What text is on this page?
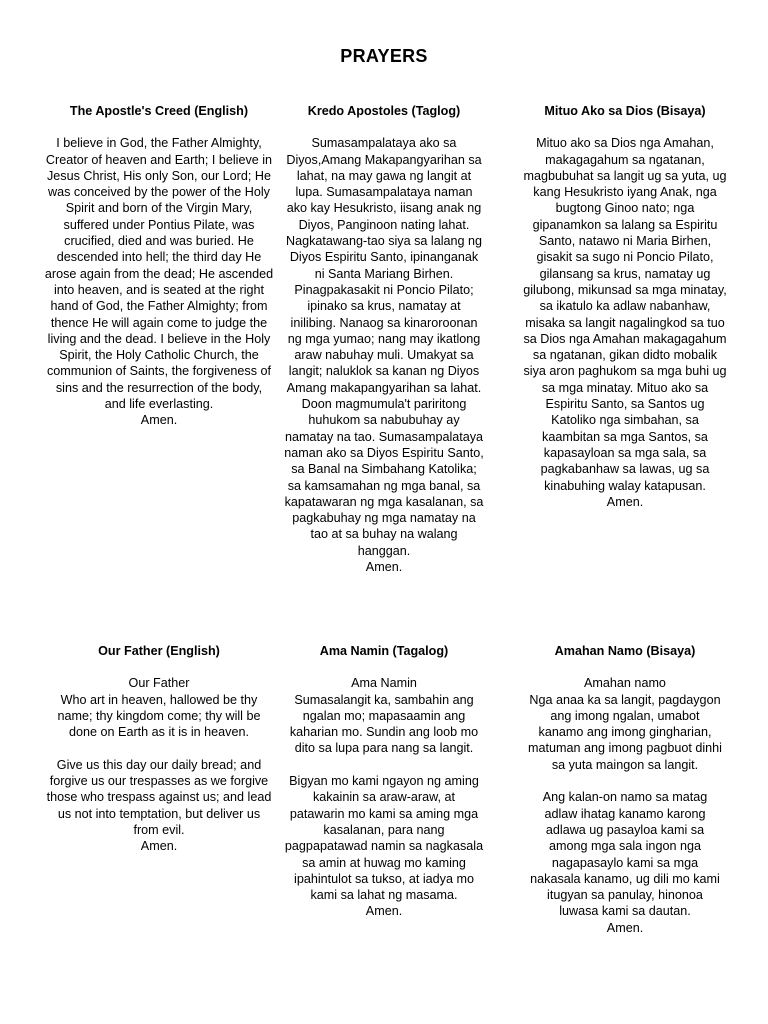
PRAYERS
The Apostle's Creed (English)

I believe in God, the Father Almighty, Creator of heaven and Earth; I believe in Jesus Christ, His only Son, our Lord; He was conceived by the power of the Holy Spirit and born of the Virgin Mary, suffered under Pontius Pilate, was crucified, died and was buried. He descended into hell; the third day He arose again from the dead; He ascended into heaven, and is seated at the right hand of God, the Father Almighty; from thence He will again come to judge the living and the dead. I believe in the Holy Spirit, the Holy Catholic Church, the communion of Saints, the forgiveness of sins and the resurrection of the body, and life everlasting.

Amen.

Kredo Apostoles (Taglog)

Sumasampalataya ako sa Diyos,Amang Makapangyarihan sa lahat, na may gawa ng langit at lupa. Sumasampalataya naman ako kay Hesukristo, iisang anak ng Diyos, Panginoon nating lahat. Nagkatawang-tao siya sa lalang ng Diyos Espiritu Santo, ipinanganak ni Santa Mariang Birhen. Pinagpakasakit ni Poncio Pilato; ipinako sa krus, namatay at inilibing. Nanaog sa kinaroroonan ng mga yumao; nang may ikatlong araw nabuhay muli. Umakyat sa langit; naluklok sa kanan ng Diyos Amang makapangyarihan sa lahat. Doon magmumula't pariritong huhukom sa nabubuhay ay namatay na tao. Sumasampalataya naman ako sa Diyos Espiritu Santo, sa Banal na Simbahang Katolika; sa kamsamahan ng mga banal, sa kapatawaran ng mga kasalanan, sa pagkabuhay ng mga namatay na tao at sa buhay na walang hanggan.

Amen.

Mituo Ako sa Dios (Bisaya)

Mituo ako sa Dios nga Amahan, makagagahum sa ngatanan, magbubuhat sa langit ug sa yuta, ug kang Hesukristo iyang Anak, nga bugtong Ginoo nato; nga gipanamkon sa lalang sa Espiritu Santo, natawo ni Maria Birhen, gisakit sa sugo ni Poncio Pilato, gilansang sa krus, namatay ug gilubong, mikunsad sa mga minatay, sa ikatulo ka adlaw nabanhaw, misaka sa langit nagalingkod sa tuo sa Dios nga Amahan makagagahum sa ngatanan, gikan didto mobalik siya aron paghukom sa mga buhi ug sa mga minatay. Mituo ako sa Espiritu Santo, sa Santos ug Katoliko nga simbahan, sa kaambitan sa mga Santos, sa kapasayloan sa mga sala, sa pagkabanhaw sa lawas, ug sa kinabuhing walay katapusan.

Amen.

Our Father (English)

Our Father

Who art in heaven, hallowed be thy name; thy kingdom come; thy will be done on Earth as it is in heaven.

Give us this day our daily bread; and forgive us our trespasses as we forgive those who trespass against us; and lead us not into temptation, but deliver us from evil.

Amen.

Ama Namin (Tagalog)

Ama Namin

Sumasalangit ka, sambahin ang ngalan mo; mapasaamin ang kaharian mo. Sundin ang loob mo dito sa lupa para nang sa langit.

Bigyan mo kami ngayon ng aming kakainin sa araw-araw, at patawarin mo kami sa aming mga kasalanan, para nang pagpapatawad namin sa nagkasala sa amin at huwag mo kaming ipahintulot sa tukso, at iadya mo kami sa lahat ng masama.

Amen.

Amahan Namo (Bisaya)

Amahan namo

Nga anaa ka sa langit, pagdaygon ang imong ngalan, umabot kanamo ang imong gingharian, matuman ang imong pagbuot dinhi sa yuta maingon sa langit.

Ang kalan-on namo sa matag adlaw ihatag kanamo karong adlawa ug pasayloa kami sa among mga sala ingon nga nagapasaylo kami sa mga nakasala kanamo, ug dili mo kami itugyan sa panulay, hinonoa luwasa kami sa dautan.

Amen.
